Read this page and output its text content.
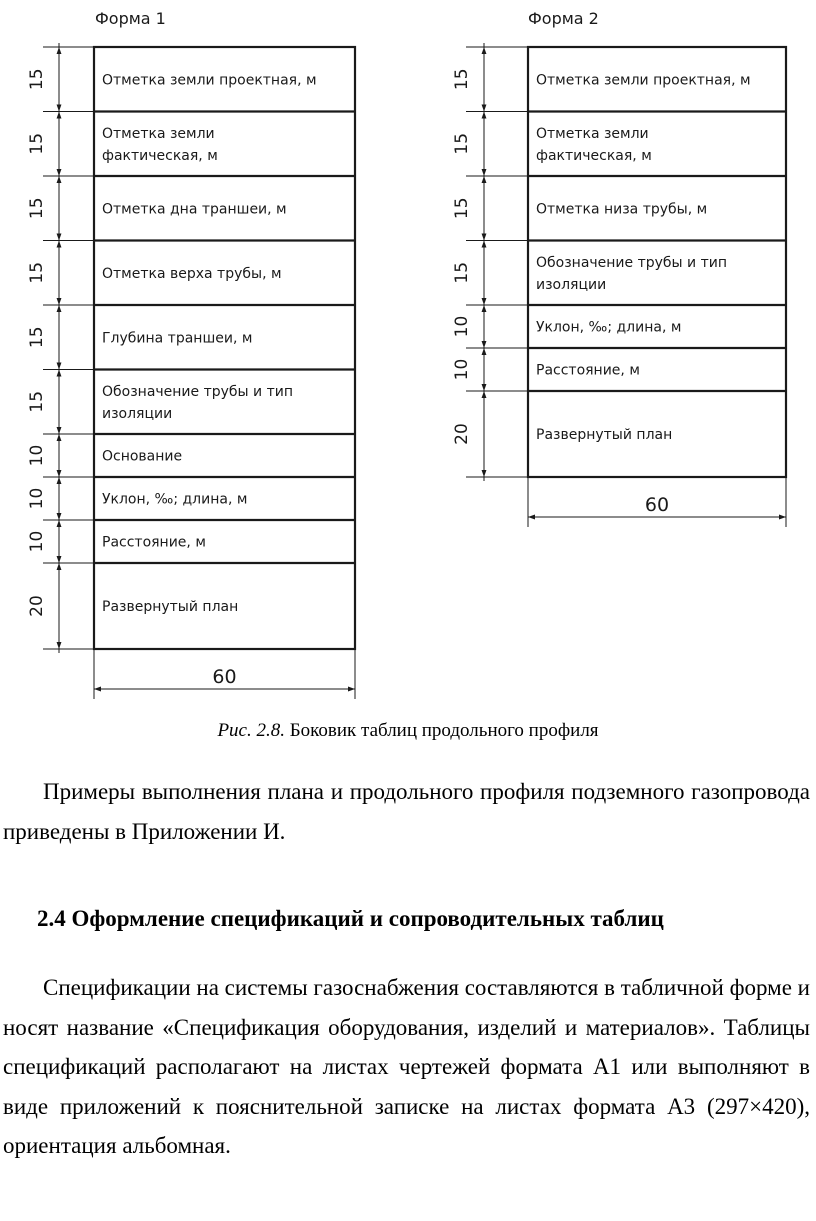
Форма 1
15	Отметка земли проектная, м
15	Отметка земли
фактическая, м
15	Отметка дна траншеи, м
15	Отметка верха трубы, м
15	Глубина траншеи, м
15	Обозначение трубы и тип
изоляции
10	Основание
10	Уклон, ‰; длина, м
10	Расстояние, м
20	Развернутый план
60
Форма 2
15	Отметка земли проектная, м
15	Отметка земли
фактическая, м
15	Отметка низа трубы, м
15	Обозначение трубы и тип
изоляции
10	Уклон, ‰; длина, м
10	Расстояние, м
20	Развернутый план
60
Рис. 2.8. Боковик таблиц продольного профиля

Примеры выполнения плана и продольного профиля подземного газопровода приведены в Приложении И.

2.4 Оформление спецификаций и сопроводительных таблиц

Спецификации на системы газоснабжения составляются в табличной форме и носят название «Спецификация оборудования, изделий и материалов». Таблицы спецификаций располагают на листах чертежей формата А1 или выполняют в виде приложений к пояснительной записке на листах формата А3 (297×420), ориентация альбомная.
